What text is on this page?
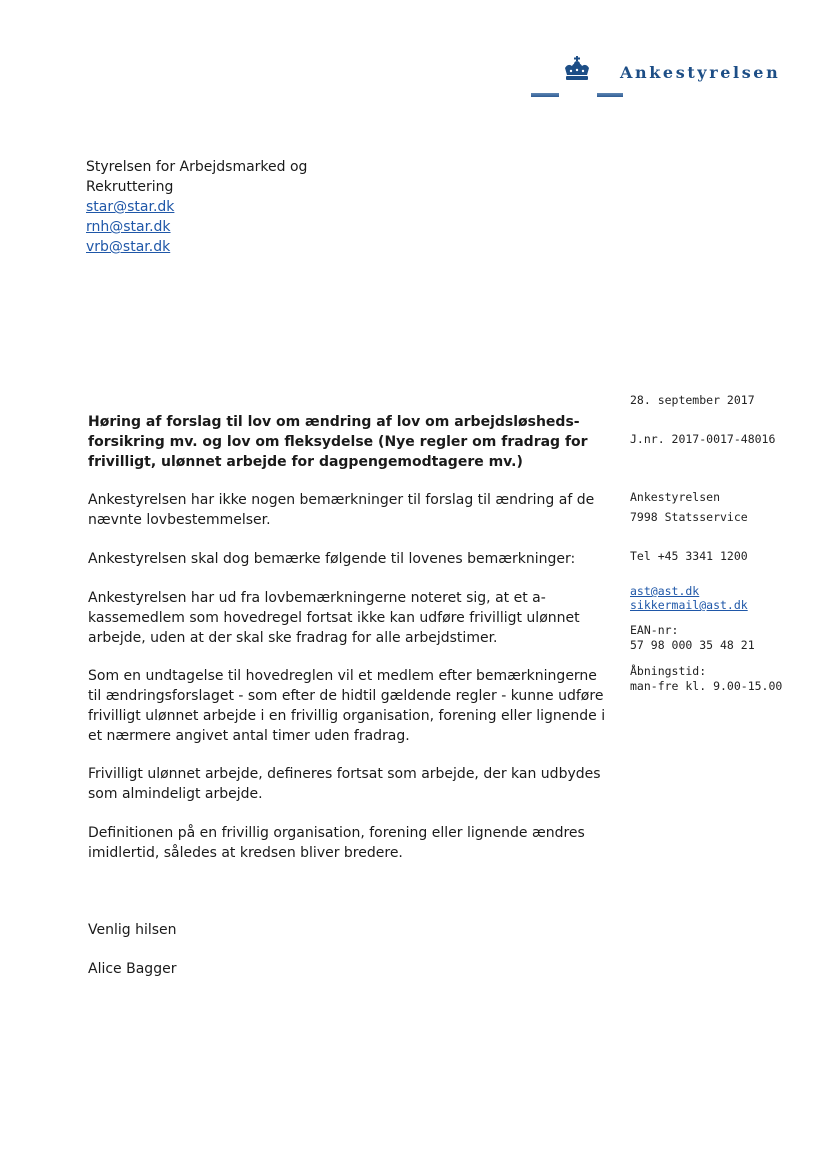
Ankestyrelsen
Styrelsen for Arbejdsmarked og
Rekruttering
star@star.dk
rnh@star.dk
vrb@star.dk
28. september 2017
J.nr. 2017-0017-48016
Høring af forslag til lov om ændring af lov om arbejdsløsheds-forsikring mv. og lov om fleksydelse (Nye regler om fradrag for frivilligt, ulønnet arbejde for dagpengemodtagere mv.)
Ankestyrelsen har ikke nogen bemærkninger til forslag til ændring af de nævnte lovbestemmelser.
Ankestyrelsen skal dog bemærke følgende til lovenes bemærkninger:
Ankestyrelsen har ud fra lovbemærkningerne noteret sig, at et a-kassemedlem som hovedregel fortsat ikke kan udføre frivilligt ulønnet arbejde, uden at der skal ske fradrag for alle arbejdstimer.
Som en undtagelse til hovedreglen vil et medlem efter bemærkningerne til ændringsforslaget - som efter de hidtil gældende regler - kunne udføre frivilligt ulønnet arbejde i en frivillig organisation, forening eller lignende i et nærmere angivet antal timer uden fradrag.
Frivilligt ulønnet arbejde, defineres fortsat som arbejde, der kan udbydes som almindeligt arbejde.
Definitionen på en frivillig organisation, forening eller lignende ændres imidlertid, således at kredsen bliver bredere.
Venlig hilsen
Alice Bagger
Ankestyrelsen
7998 Statsservice
Tel +45 3341 1200
ast@ast.dk
sikkermail@ast.dk
EAN-nr:
57 98 000 35 48 21
Åbningstid:
man-fre kl. 9.00-15.00
